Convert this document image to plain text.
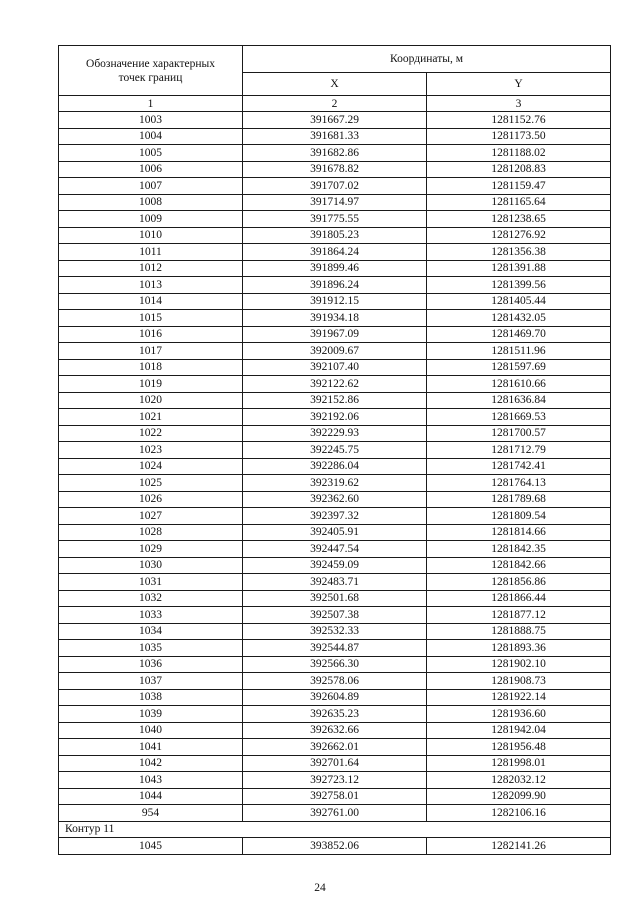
Обозначение характерных точек границ	Координаты, м	
	X	Y
1	2	3
1003	391667.29	1281152.76
1004	391681.33	1281173.50
1005	391682.86	1281188.02
1006	391678.82	1281208.83
1007	391707.02	1281159.47
1008	391714.97	1281165.64
1009	391775.55	1281238.65
1010	391805.23	1281276.92
1011	391864.24	1281356.38
1012	391899.46	1281391.88
1013	391896.24	1281399.56
1014	391912.15	1281405.44
1015	391934.18	1281432.05
1016	391967.09	1281469.70
1017	392009.67	1281511.96
1018	392107.40	1281597.69
1019	392122.62	1281610.66
1020	392152.86	1281636.84
1021	392192.06	1281669.53
1022	392229.93	1281700.57
1023	392245.75	1281712.79
1024	392286.04	1281742.41
1025	392319.62	1281764.13
1026	392362.60	1281789.68
1027	392397.32	1281809.54
1028	392405.91	1281814.66
1029	392447.54	1281842.35
1030	392459.09	1281842.66
1031	392483.71	1281856.86
1032	392501.68	1281866.44
1033	392507.38	1281877.12
1034	392532.33	1281888.75
1035	392544.87	1281893.36
1036	392566.30	1281902.10
1037	392578.06	1281908.73
1038	392604.89	1281922.14
1039	392635.23	1281936.60
1040	392632.66	1281942.04
1041	392662.01	1281956.48
1042	392701.64	1281998.01
1043	392723.12	1282032.12
1044	392758.01	1282099.90
954	392761.00	1282106.16
Контур 11		
1045	393852.06	1282141.26
24
